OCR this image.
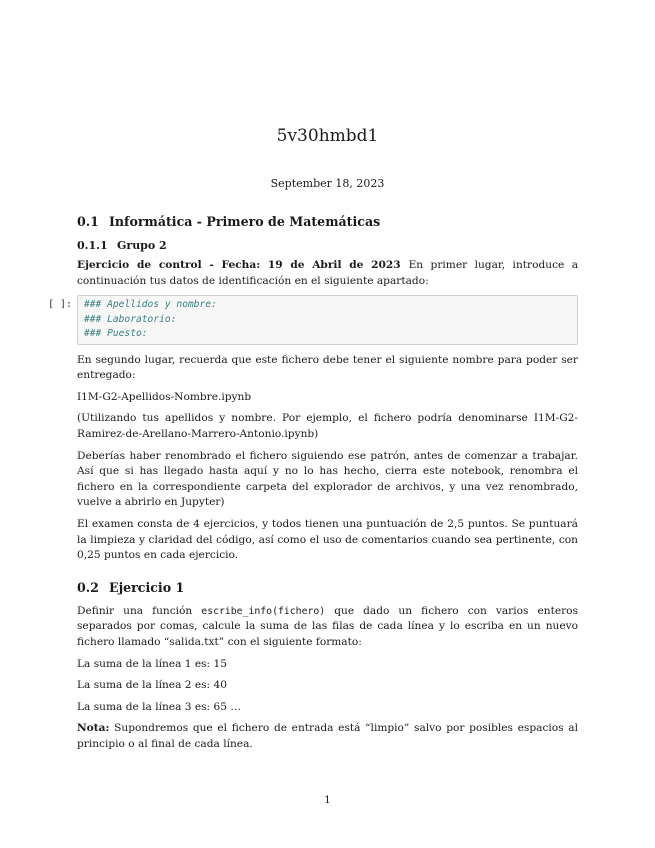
5v30hmbd1
September 18, 2023
0.1 Informática - Primero de Matemáticas
0.1.1 Grupo 2

Ejercicio de control - Fecha: 19 de Abril de 2023 En primer lugar, introduce a continuación tus datos de identificación en el siguiente apartado:

[ ]: ### Apellidos y nombre:
### Laboratorio:
### Puesto:

En segundo lugar, recuerda que este fichero debe tener el siguiente nombre para poder ser entregado:

I1M-G2-Apellidos-Nombre.ipynb

(Utilizando tus apellidos y nombre. Por ejemplo, el fichero podría denominarse I1M-G2-Ramirez-de-Arellano-Marrero-Antonio.ipynb)

Deberías haber renombrado el fichero siguiendo ese patrón, antes de comenzar a trabajar. Así que si has llegado hasta aquí y no lo has hecho, cierra este notebook, renombra el fichero en la correspondiente carpeta del explorador de archivos, y una vez renombrado, vuelve a abrirlo en Jupyter)

El examen consta de 4 ejercicios, y todos tienen una puntuación de 2,5 puntos. Se puntuará la limpieza y claridad del código, así como el uso de comentarios cuando sea pertinente, con 0,25 puntos en cada ejercicio.

0.2 Ejercicio 1

Definir una función escribe_info(fichero) que dado un fichero con varios enteros separados por comas, calcule la suma de las filas de cada línea y lo escriba en un nuevo fichero llamado “salida.txt” con el siguiente formato:

La suma de la línea 1 es: 15

La suma de la línea 2 es: 40

La suma de la línea 3 es: 65 …

Nota: Supondremos que el fichero de entrada está “limpio” salvo por posibles espacios al principio o al final de cada línea.

1
